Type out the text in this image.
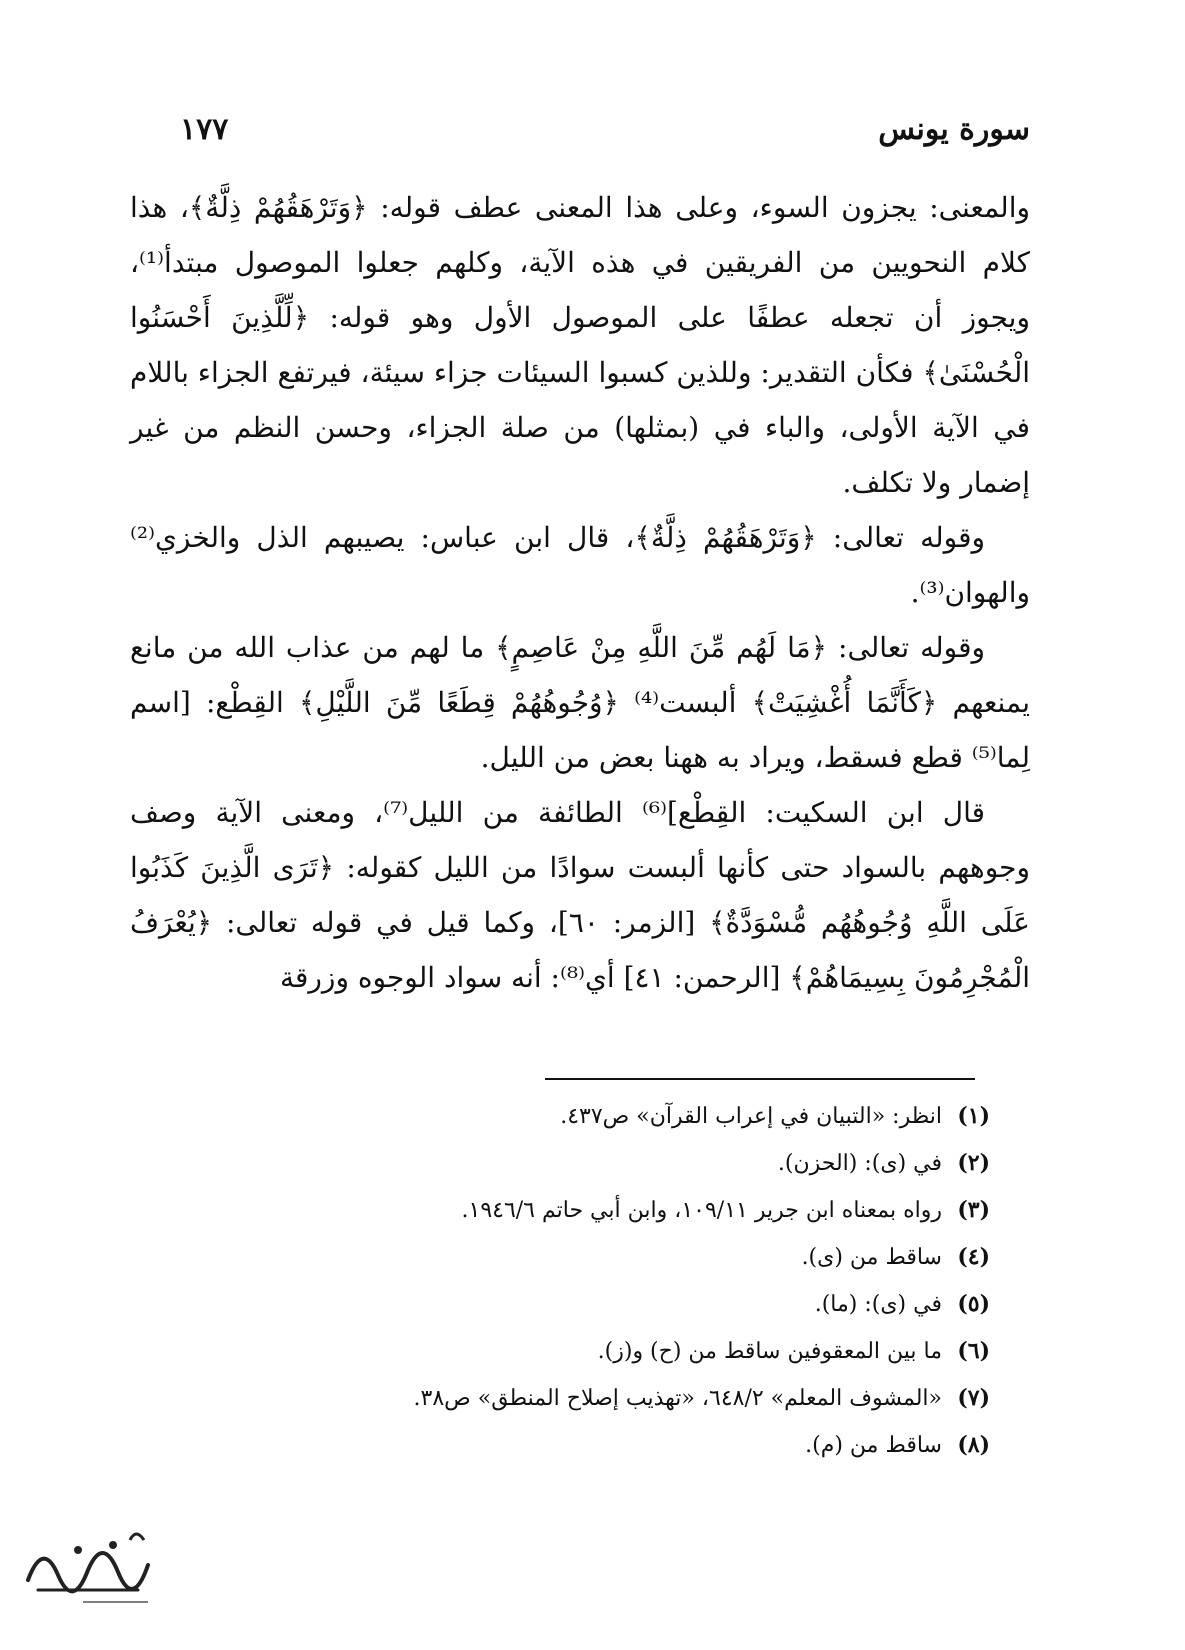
سورة يونس
١٧٧

والمعنى: يجزون السوء، وعلى هذا المعنى عطف قوله: ﴿وَتَرْهَقُهُمْ ذِلَّةٌ﴾، هذا كلام النحويين من الفريقين في هذه الآية، وكلهم جعلوا الموصول مبتدأ⁽¹⁾، ويجوز أن تجعله عطفًا على الموصول الأول وهو قوله: ﴿لِّلَّذِينَ أَحْسَنُوا الْحُسْنَىٰ﴾ فكأن التقدير: وللذين كسبوا السيئات جزاء سيئة، فيرتفع الجزاء باللام في الآية الأولى، والباء في (بمثلها) من صلة الجزاء، وحسن النظم من غير إضمار ولا تكلف.

وقوله تعالى: ﴿وَتَرْهَقُهُمْ ذِلَّةٌ﴾، قال ابن عباس: يصيبهم الذل والخزي⁽²⁾ والهوان⁽³⁾.

وقوله تعالى: ﴿مَا لَهُم مِّنَ اللَّهِ مِنْ عَاصِمٍ﴾ ما لهم من عذاب الله من مانع يمنعهم ﴿كَأَنَّمَا أُغْشِيَتْ﴾ ألبست⁽⁴⁾ ﴿وُجُوهُهُمْ قِطَعًا مِّنَ اللَّيْلِ﴾ القِطْع: [اسم لِما⁽⁵⁾ قطع فسقط، ويراد به ههنا بعض من الليل.

قال ابن السكيت: القِطْع]⁽⁶⁾ الطائفة من الليل⁽⁷⁾، ومعنى الآية وصف وجوههم بالسواد حتى كأنها ألبست سوادًا من الليل كقوله: ﴿تَرَى الَّذِينَ كَذَبُوا عَلَى اللَّهِ وُجُوهُهُم مُّسْوَدَّةٌ﴾ [الزمر: ٦٠]، وكما قيل في قوله تعالى: ﴿يُعْرَفُ الْمُجْرِمُونَ بِسِيمَاهُمْ﴾ [الرحمن: ٤١] أي⁽⁸⁾: أنه سواد الوجوه وزرقة

(١)
انظر: «التبيان في إعراب القرآن» ص٤٣٧.
(٢)
في (ى): (الحزن).
(٣)
رواه بمعناه ابن جرير ١٠٩/١١، وابن أبي حاتم ١٩٤٦/٦.
(٤)
ساقط من (ى).
(٥)
في (ى): (ما).
(٦)
ما بين المعقوفين ساقط من (ح) و(ز).
(٧)
«المشوف المعلم» ٦٤٨/٢، «تهذيب إصلاح المنطق» ص٣٨.
(٨)
ساقط من (م).
